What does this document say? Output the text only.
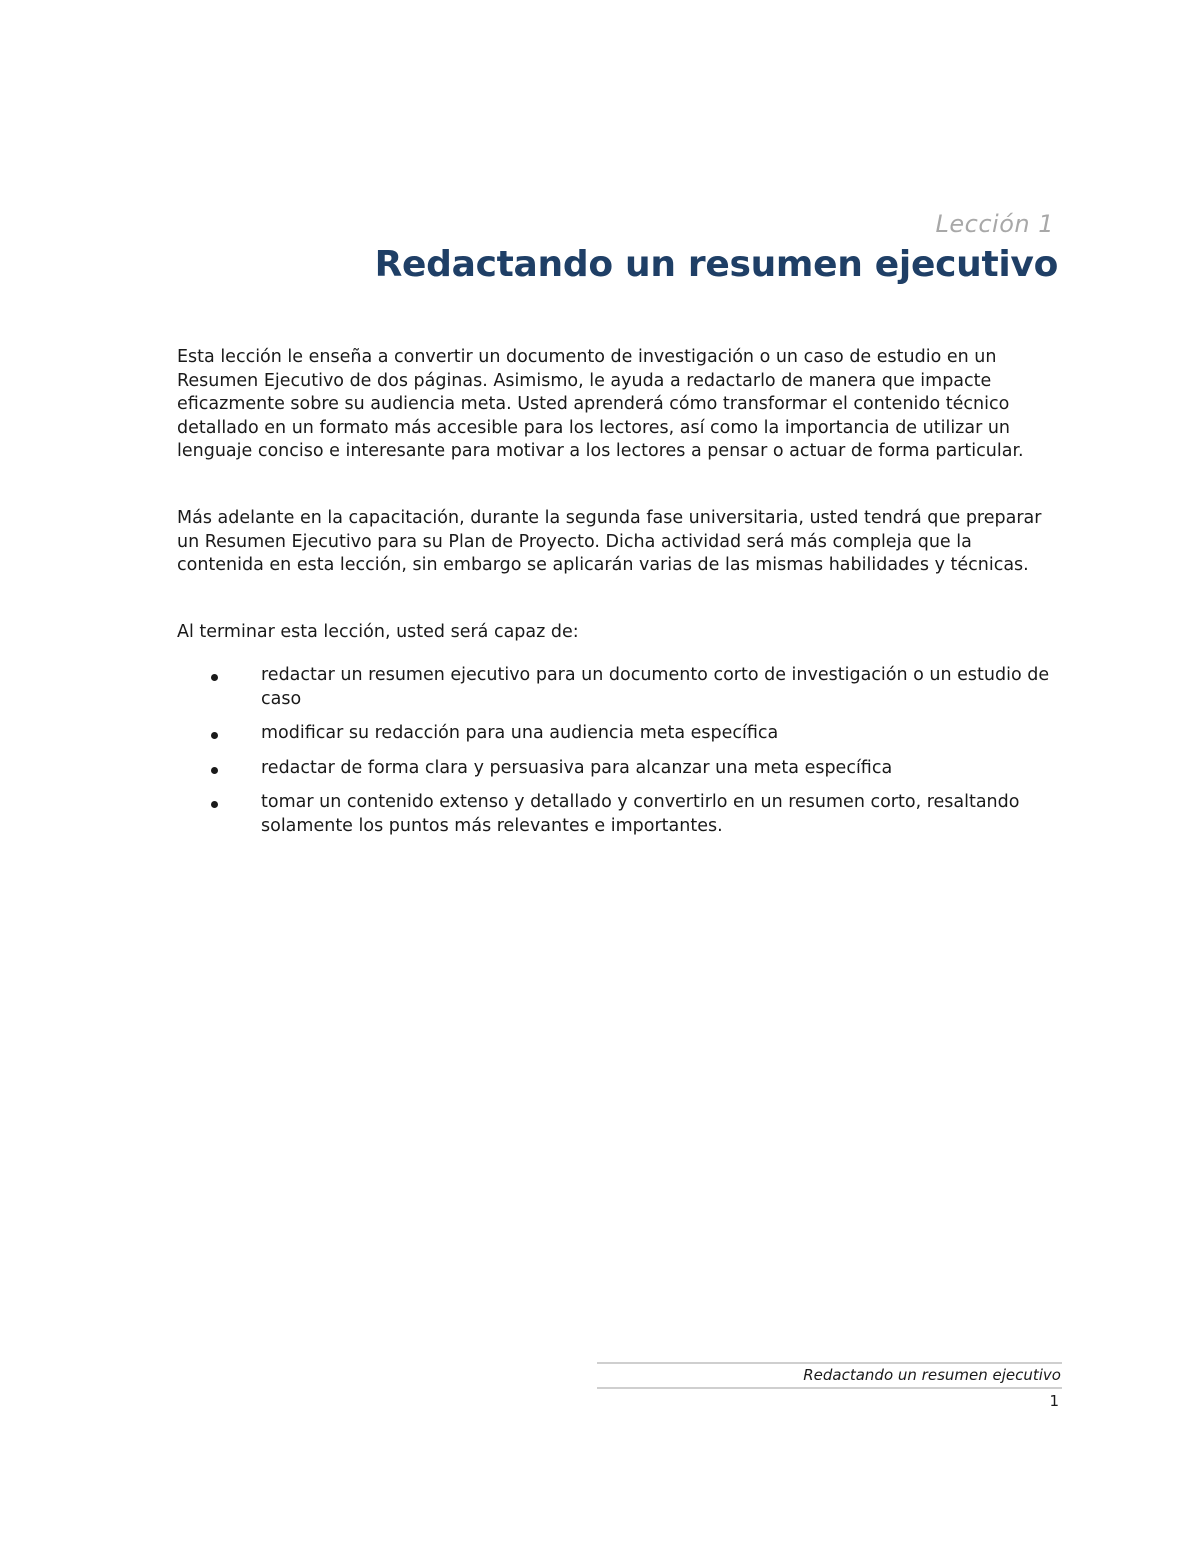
Lección 1
Redactando un resumen ejecutivo

Esta lección le enseña a convertir un documento de investigación o un caso de estudio en un Resumen Ejecutivo de dos páginas. Asimismo, le ayuda a redactarlo de manera que impacte eficazmente sobre su audiencia meta. Usted aprenderá cómo transformar el contenido técnico detallado en un formato más accesible para los lectores, así como la importancia de utilizar un lenguaje conciso e interesante para motivar a los lectores a pensar o actuar de forma particular.

Más adelante en la capacitación, durante la segunda fase universitaria, usted tendrá que preparar un Resumen Ejecutivo para su Plan de Proyecto. Dicha actividad será más compleja que la contenida en esta lección, sin embargo se aplicarán varias de las mismas habilidades y técnicas.

Al terminar esta lección, usted será capaz de:

redactar un resumen ejecutivo para un documento corto de investigación o un estudio de caso
modificar su redacción para una audiencia meta específica
redactar de forma clara y persuasiva para alcanzar una meta específica
tomar un contenido extenso y detallado y convertirlo en un resumen corto, resaltando solamente los puntos más relevantes e importantes.
Redactando un resumen ejecutivo
1
